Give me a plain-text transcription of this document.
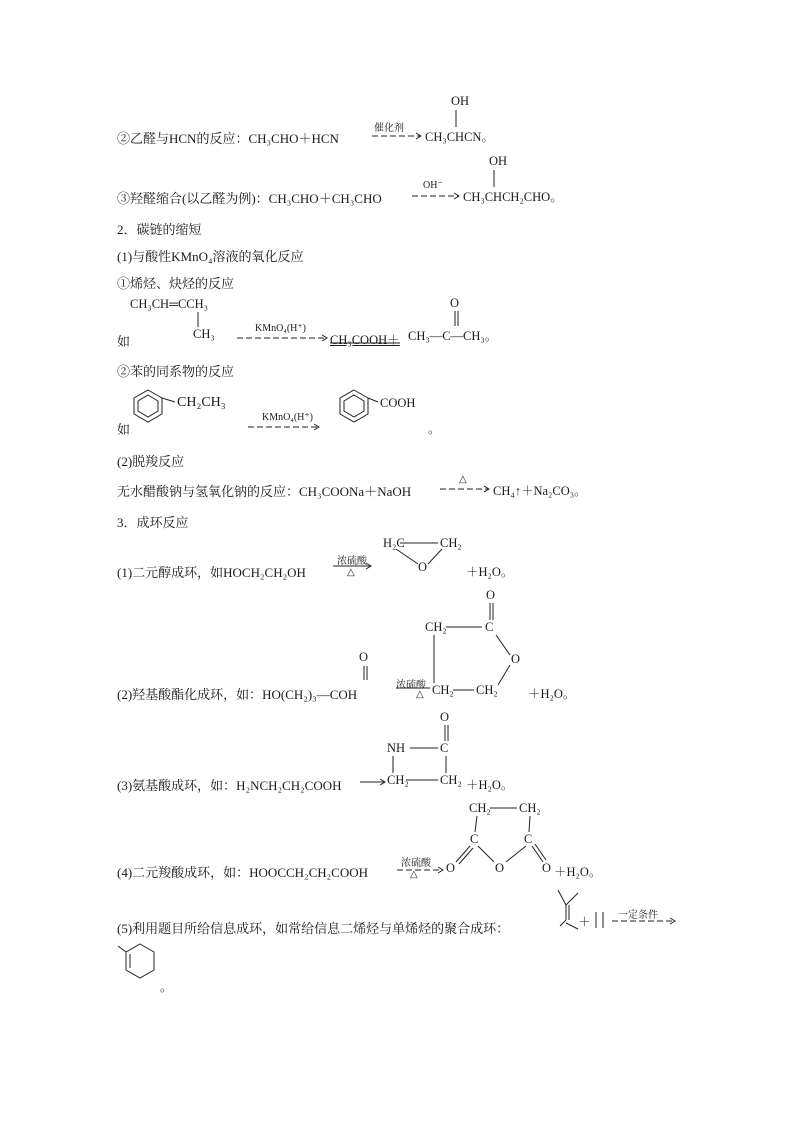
②乙醛与HCN的反应：CH₃CHO＋HCN
催化剂
OH
CH₃CHCN。
③羟醛缩合(以乙醛为例)：CH₃CHO＋CH₃CHO
OH⁻
OH
CH₃CHCH₂CHO。
2．碳链的缩短
(1)与酸性KMnO₄溶液的氧化反应
①烯烃、炔烃的反应
CH₃CH═CCH₃
CH₃
如
KMnO₄(H⁺)
CH₃COOH＋ CH₃—C—CH₃。
O
②苯的同系物的反应
CH₂CH₃
如
KMnO₄(H⁺)
COOH
。
(2)脱羧反应
无水醋酸钠与氢氧化钠的反应：CH₃COONa＋NaOH
△
CH₄↑＋Na₂CO₃。
3．成环反应
(1)二元醇成环，如HOCH₂CH₂OH
浓硫酸
△
H₂C	CH₂
O	＋H₂O。
(2)羟基酸酯化成环，如：HO(CH₂)₃—COH
O
浓硫酸
△
CH₂	C
O
O
CH₂ CH₂ ＋H₂O。
(3)氨基酸成环，如：H₂NCH₂CH₂COOH
NH	C
O
CH₂	CH₂ ＋H₂O。
(4)二元羧酸成环，如：HOOCCH₂CH₂COOH
浓硫酸
△
CH₂ CH₂
C	C
O	O	O ＋H₂O。
(5)利用题目所给信息成环，如常给信息二烯烃与单烯烃的聚合成环：	＋	一定条件
。
